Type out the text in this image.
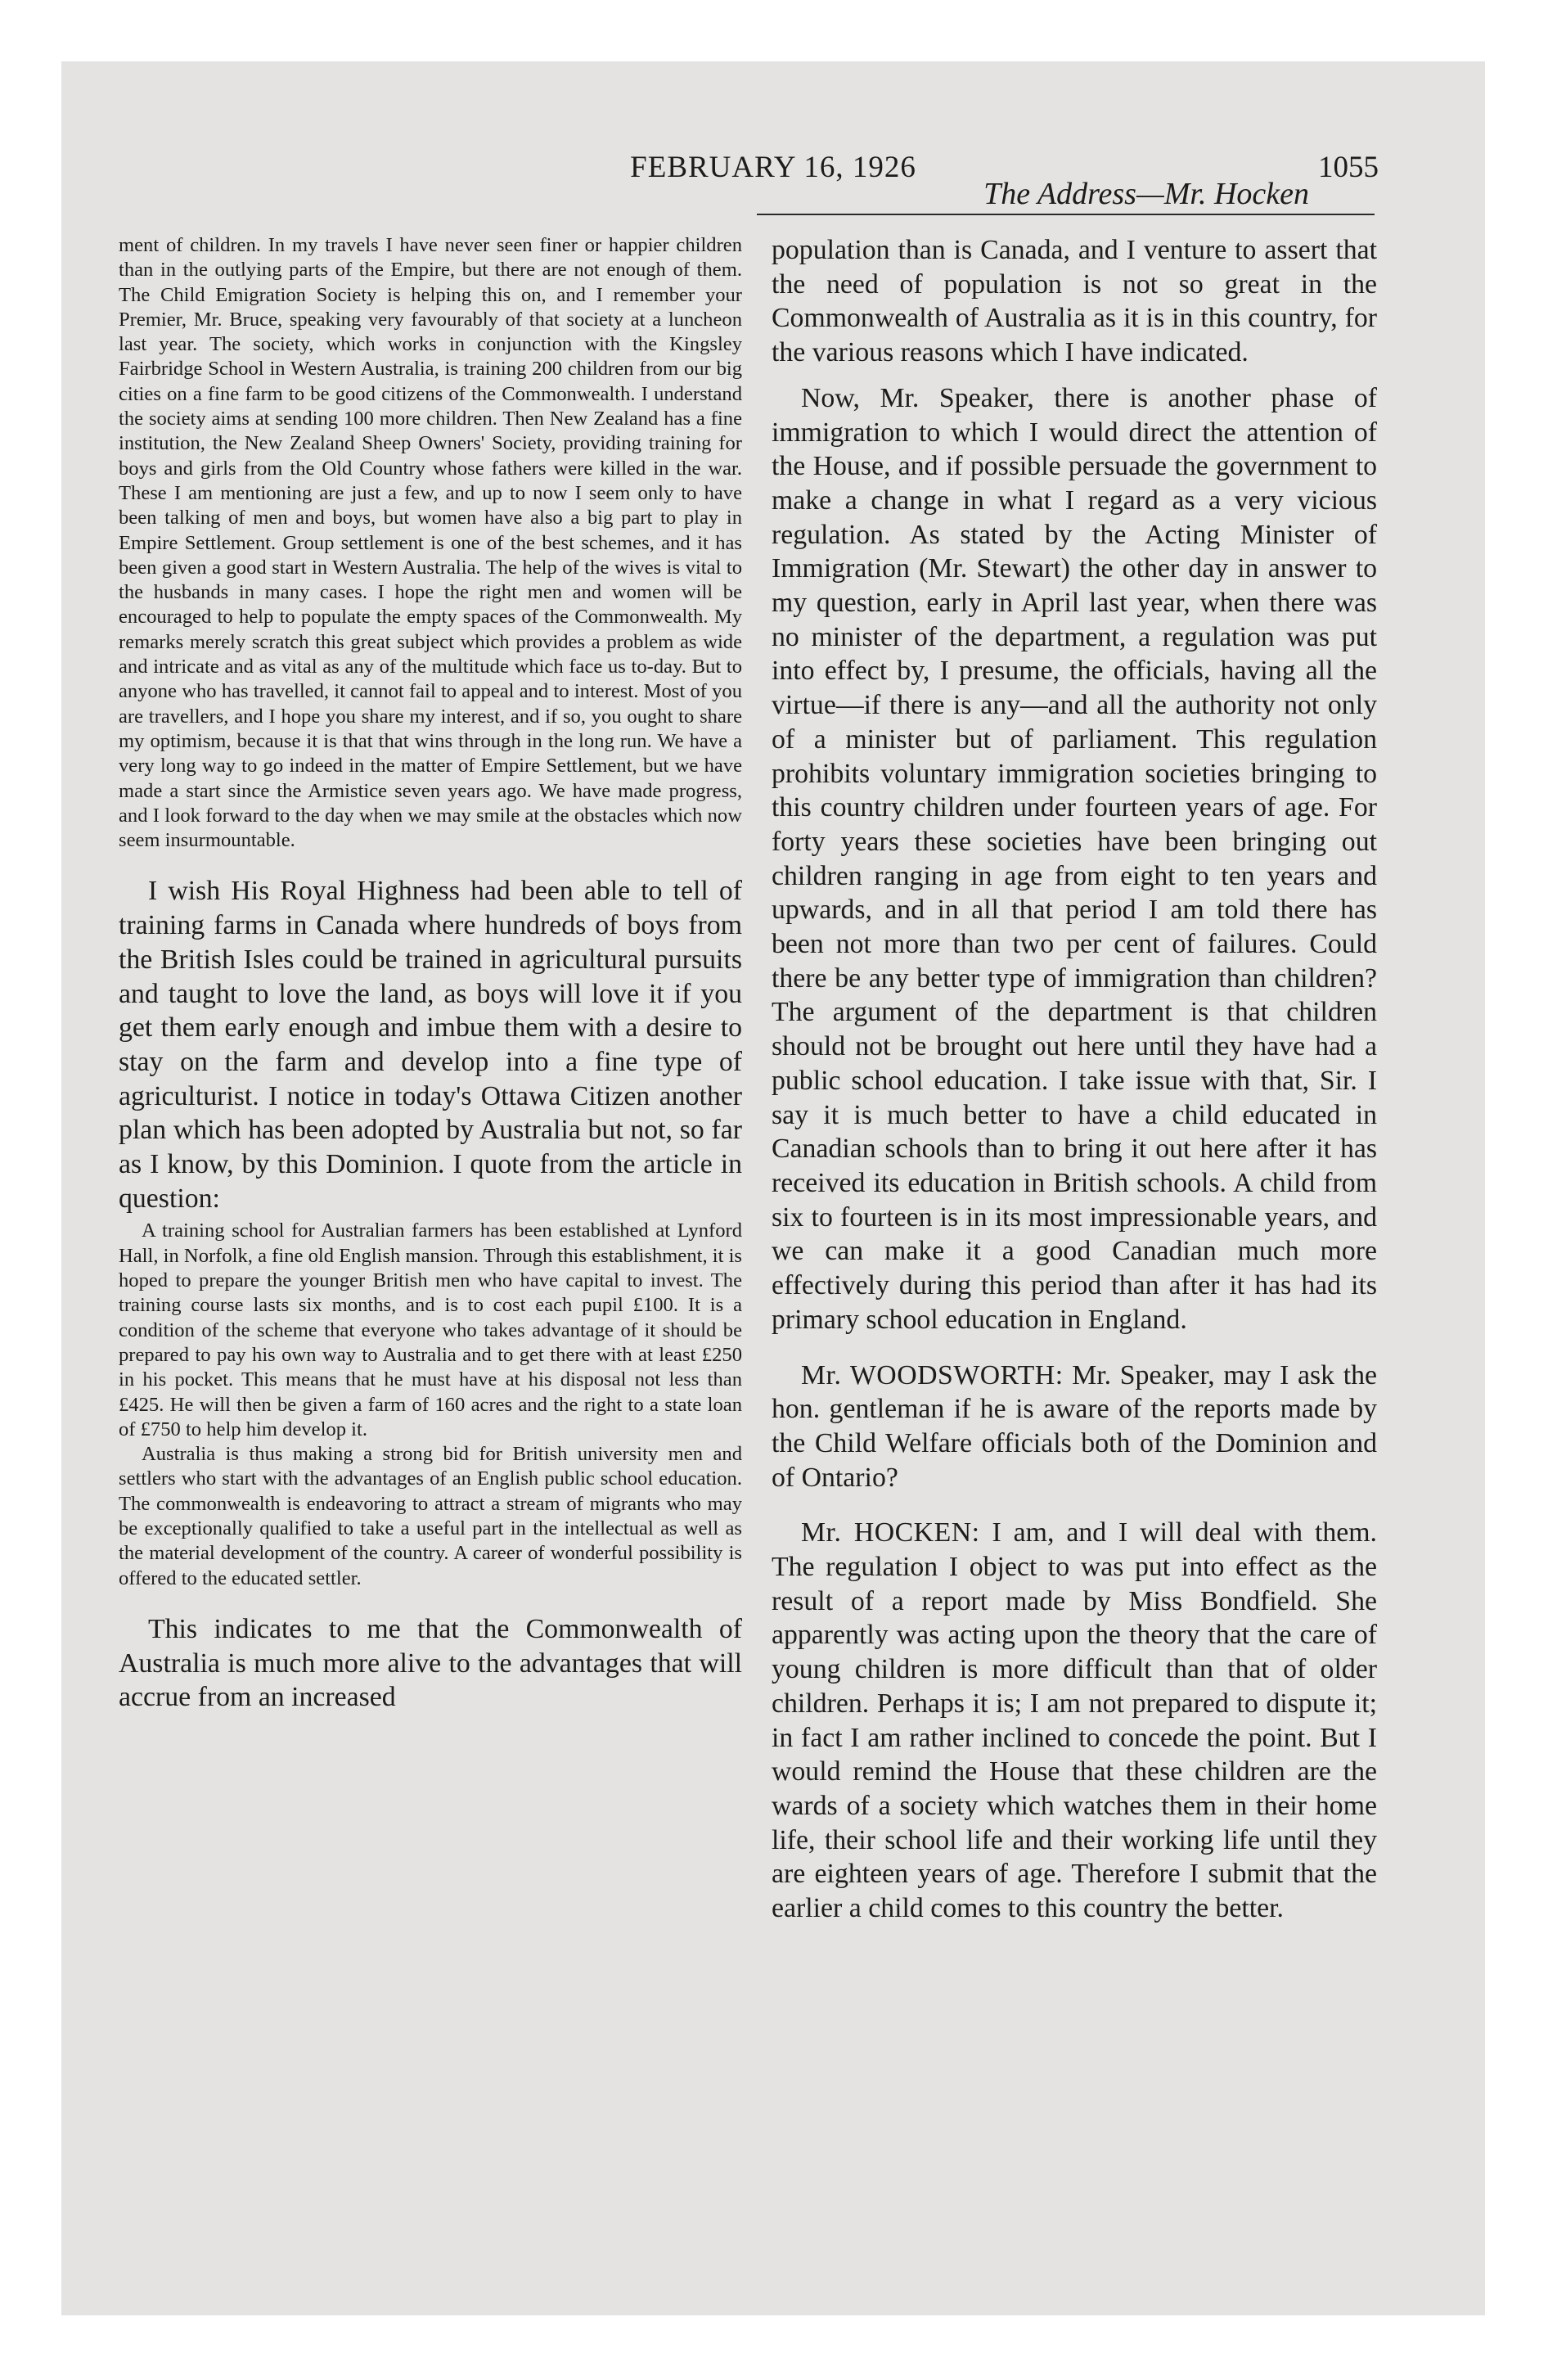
FEBRUARY 16, 1926	1055
The Address—Mr. Hocken

ment of children. In my travels I have never seen finer or happier children than in the outlying parts of the Empire, but there are not enough of them. The Child Emigration Society is helping this on, and I remember your Premier, Mr. Bruce, speaking very favourably of that society at a luncheon last year. The society, which works in conjunction with the Kingsley Fairbridge School in Western Australia, is training 200 children from our big cities on a fine farm to be good citizens of the Commonwealth. I understand the society aims at sending 100 more children. Then New Zealand has a fine institution, the New Zealand Sheep Owners' Society, providing training for boys and girls from the Old Country whose fathers were killed in the war. These I am mentioning are just a few, and up to now I seem only to have been talking of men and boys, but women have also a big part to play in Empire Settlement. Group settlement is one of the best schemes, and it has been given a good start in Western Australia. The help of the wives is vital to the husbands in many cases. I hope the right men and women will be encouraged to help to populate the empty spaces of the Commonwealth. My remarks merely scratch this great subject which provides a problem as wide and intricate and as vital as any of the multitude which face us to-day. But to anyone who has travelled, it cannot fail to appeal and to interest. Most of you are travellers, and I hope you share my interest, and if so, you ought to share my optimism, because it is that that wins through in the long run. We have a very long way to go indeed in the matter of Empire Settlement, but we have made a start since the Armistice seven years ago. We have made progress, and I look forward to the day when we may smile at the obstacles which now seem insurmountable.

I wish His Royal Highness had been able to tell of training farms in Canada where hundreds of boys from the British Isles could be trained in agricultural pursuits and taught to love the land, as boys will love it if you get them early enough and imbue them with a desire to stay on the farm and develop into a fine type of agriculturist. I notice in today's Ottawa Citizen another plan which has been adopted by Australia but not, so far as I know, by this Dominion. I quote from the article in question:

A training school for Australian farmers has been established at Lynford Hall, in Norfolk, a fine old English mansion. Through this establishment, it is hoped to prepare the younger British men who have capital to invest. The training course lasts six months, and is to cost each pupil £100. It is a condition of the scheme that everyone who takes advantage of it should be prepared to pay his own way to Australia and to get there with at least £250 in his pocket. This means that he must have at his disposal not less than £425. He will then be given a farm of 160 acres and the right to a state loan of £750 to help him develop it.

Australia is thus making a strong bid for British university men and settlers who start with the advantages of an English public school education. The commonwealth is endeavoring to attract a stream of migrants who may be exceptionally qualified to take a useful part in the intellectual as well as the material development of the country. A career of wonderful possibility is offered to the educated settler.

This indicates to me that the Commonwealth of Australia is much more alive to the advantages that will accrue from an increased

population than is Canada, and I venture to assert that the need of population is not so great in the Commonwealth of Australia as it is in this country, for the various reasons which I have indicated.

Now, Mr. Speaker, there is another phase of immigration to which I would direct the attention of the House, and if possible persuade the government to make a change in what I regard as a very vicious regulation. As stated by the Acting Minister of Immigration (Mr. Stewart) the other day in answer to my question, early in April last year, when there was no minister of the department, a regulation was put into effect by, I presume, the officials, having all the virtue—if there is any—and all the authority not only of a minister but of parliament. This regulation prohibits voluntary immigration societies bringing to this country children under fourteen years of age. For forty years these societies have been bringing out children ranging in age from eight to ten years and upwards, and in all that period I am told there has been not more than two per cent of failures. Could there be any better type of immigration than children? The argument of the department is that children should not be brought out here until they have had a public school education. I take issue with that, Sir. I say it is much better to have a child educated in Canadian schools than to bring it out here after it has received its education in British schools. A child from six to fourteen is in its most impressionable years, and we can make it a good Canadian much more effectively during this period than after it has had its primary school education in England.

Mr. WOODSWORTH: Mr. Speaker, may I ask the hon. gentleman if he is aware of the reports made by the Child Welfare officials both of the Dominion and of Ontario?

Mr. HOCKEN: I am, and I will deal with them. The regulation I object to was put into effect as the result of a report made by Miss Bondfield. She apparently was acting upon the theory that the care of young children is more difficult than that of older children. Perhaps it is; I am not prepared to dispute it; in fact I am rather inclined to concede the point. But I would remind the House that these children are the wards of a society which watches them in their home life, their school life and their working life until they are eighteen years of age. Therefore I submit that the earlier a child comes to this country the better.
